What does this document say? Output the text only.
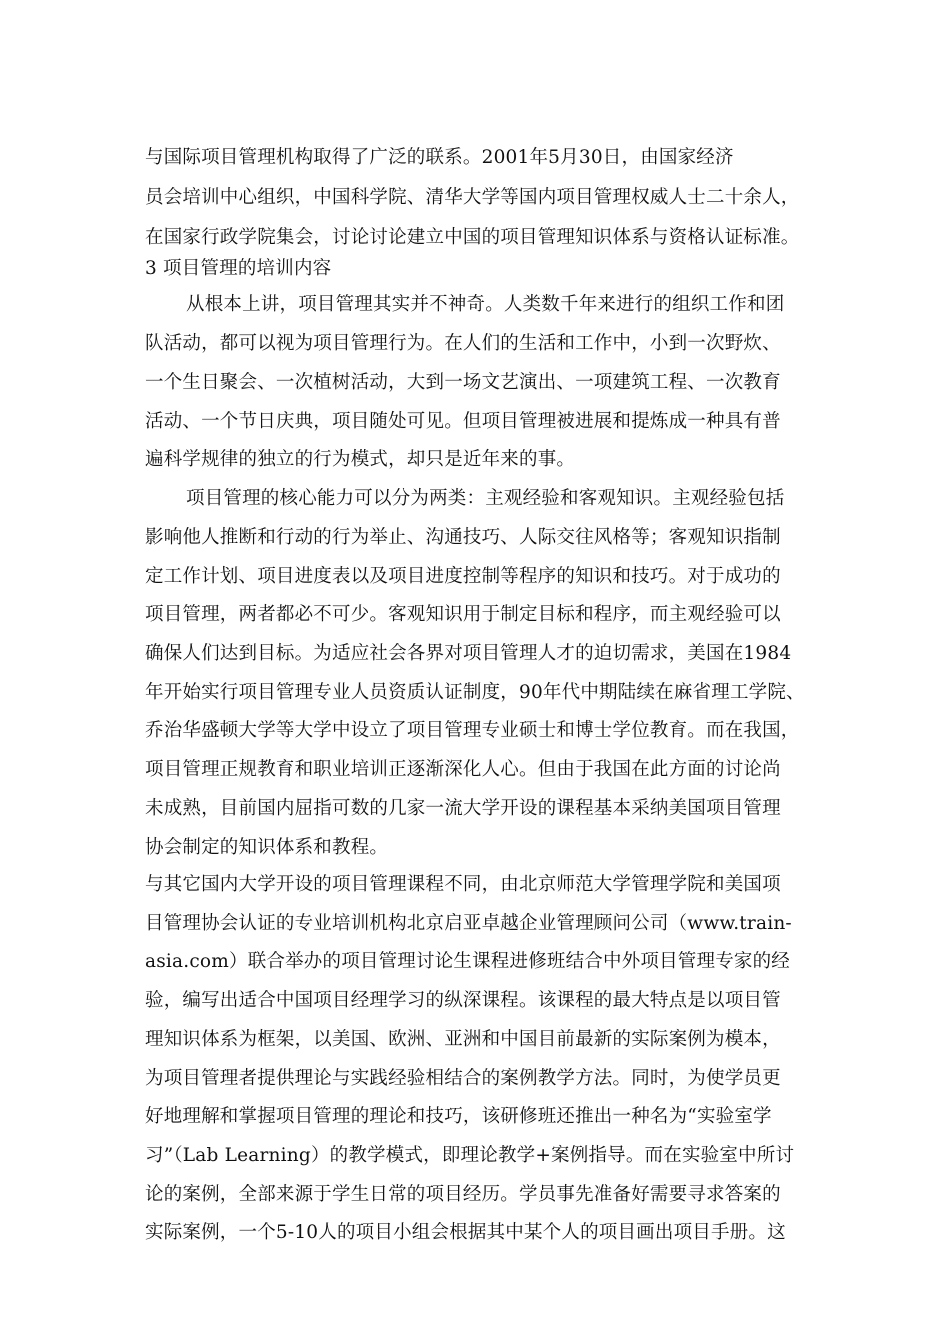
与国际项目管理机构取得了广泛的联系。2001年5月30日，由国家经济
员会培训中心组织，中国科学院、清华大学等国内项目管理权威人士二十余人，
在国家行政学院集会，讨论讨论建立中国的项目管理知识体系与资格认证标准。
3 项目管理的培训内容
从根本上讲，项目管理其实并不神奇。人类数千年来进行的组织工作和团
队活动，都可以视为项目管理行为。在人们的生活和工作中，小到一次野炊、
一个生日聚会、一次植树活动，大到一场文艺演出、一项建筑工程、一次教育
活动、一个节日庆典，项目随处可见。但项目管理被进展和提炼成一种具有普
遍科学规律的独立的行为模式，却只是近年来的事。
项目管理的核心能力可以分为两类：主观经验和客观知识。主观经验包括
影响他人推断和行动的行为举止、沟通技巧、人际交往风格等；客观知识指制
定工作计划、项目进度表以及项目进度控制等程序的知识和技巧。对于成功的
项目管理，两者都必不可少。客观知识用于制定目标和程序，而主观经验可以
确保人们达到目标。为适应社会各界对项目管理人才的迫切需求，美国在1984
年开始实行项目管理专业人员资质认证制度，90年代中期陆续在麻省理工学院、
乔治华盛顿大学等大学中设立了项目管理专业硕士和博士学位教育。而在我国，
项目管理正规教育和职业培训正逐渐深化人心。但由于我国在此方面的讨论尚
未成熟，目前国内屈指可数的几家一流大学开设的课程基本采纳美国项目管理
协会制定的知识体系和教程。
与其它国内大学开设的项目管理课程不同，由北京师范大学管理学院和美国项
目管理协会认证的专业培训机构北京启亚卓越企业管理顾问公司（www.train-
asia.com）联合举办的项目管理讨论生课程进修班结合中外项目管理专家的经
验，编写出适合中国项目经理学习的纵深课程。该课程的最大特点是以项目管
理知识体系为框架，以美国、欧洲、亚洲和中国目前最新的实际案例为模本，
为项目管理者提供理论与实践经验相结合的案例教学方法。同时，为使学员更
好地理解和掌握项目管理的理论和技巧，该研修班还推出一种名为“实验室学
习”（Lab Learning）的教学模式，即理论教学+案例指导。而在实验室中所讨
论的案例，全部来源于学生日常的项目经历。学员事先准备好需要寻求答案的
实际案例，一个5-10人的项目小组会根据其中某个人的项目画出项目手册。这
